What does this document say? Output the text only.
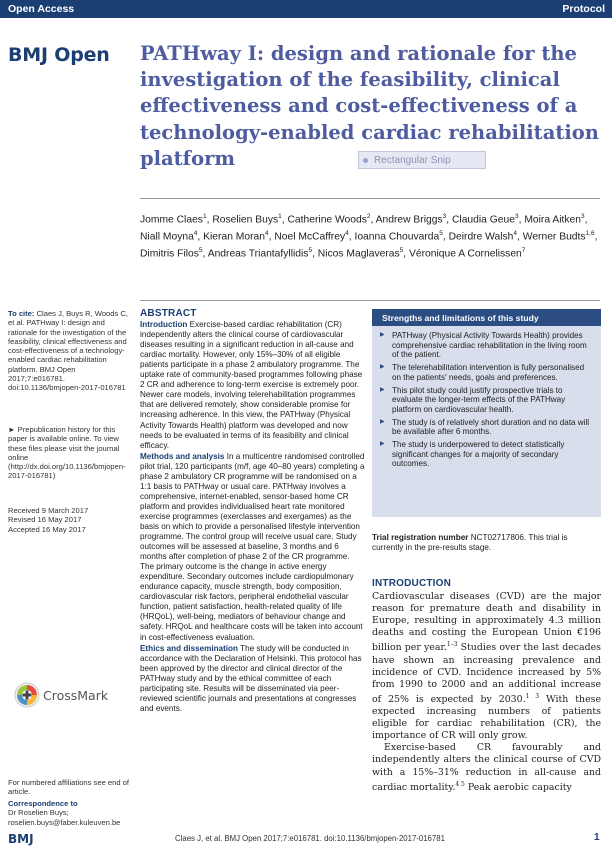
Open Access	Protocol
BMJ Open PATHway I: design and rationale for the investigation of the feasibility, clinical effectiveness and cost-effectiveness of a technology-enabled cardiac rehabilitation platform	Rectangular Snip
Jomme Claes$^1$, Roselien Buys$^1$, Catherine Woods$^2$, Andrew Briggs$^3$, Claudia Geue$^3$, Moira Aitken$^3$, Niall Moyna$^4$, Kieran Moran$^4$, Noel McCaffrey$^4$, Ioanna Chouvarda$^5$, Deirdre Walsh$^4$, Werner Budts$^{1,6}$, Dimitris Filos$^5$, Andreas Triantafyllidis$^5$, Nicos Maglaveras$^5$, Véronique A Cornelissen$^7$
To cite: Claes J, Buys R, Woods C, et al. PATHway I: design and rationale for the investigation of the feasibility, clinical effectiveness and cost-effectiveness of a technology-enabled cardiac rehabilitation platform. BMJ Open 2017;7:e016781. doi:10.1136/bmjopen-2017-016781
► Prepublication history for this paper is available online. To view these files please visit the journal online (http://dx.doi.org/10.1136/bmjopen-2017-016781)
Received 9 March 2017
Revised 16 May 2017
Accepted 16 May 2017
CrossMark
For numbered affiliations see end of article.
Correspondence to
Dr Roselien Buys; roselien.buys@faber.kuleuven.be
ABSTRACT

Introduction Exercise-based cardiac rehabilitation (CR) independently alters the clinical course of cardiovascular diseases resulting in a significant reduction in all-cause and cardiac mortality. However, only 15%–30% of all eligible patients participate in a phase 2 ambulatory programme. The uptake rate of community-based programmes following phase 2 CR and adherence to long-term exercise is extremely poor. Newer care models, involving telerehabilitation programmes that are delivered remotely, show considerable promise for increasing adherence. In this view, the PATHway (Physical Activity Towards Health) platform was developed and now needs to be evaluated in terms of its feasibility and clinical efficacy.

Methods and analysis In a multicentre randomised controlled pilot trial, 120 participants (m/f, age 40–80 years) completing a phase 2 ambulatory CR programme will be randomised on a 1:1 basis to PATHway or usual care. PATHway involves a comprehensive, internet-enabled, sensor-based home CR platform and provides individualised heart rate monitored exercise programmes (exerclasses and exergames) as the basis on which to provide a personalised lifestyle intervention programme. The control group will receive usual care. Study outcomes will be assessed at baseline, 3 months and 6 months after completion of phase 2 of the CR programme. The primary outcome is the change in active energy expenditure. Secondary outcomes include cardiopulmonary endurance capacity, muscle strength, body composition, cardiovascular risk factors, peripheral endothelial vascular function, patient satisfaction, health-related quality of life (HRQoL), well-being, mediators of behaviour change and safety. HRQoL and healthcare costs will be taken into account in cost-effectiveness evaluation.

Ethics and dissemination The study will be conducted in accordance with the Declaration of Helsinki. This protocol has been approved by the director and clinical director of the PATHway study and by the ethical committee of each participating site. Results will be disseminated via peer-reviewed scientific journals and presentations at congresses and events.

Strengths and limitations of this study
▶ PATHway (Physical Activity Towards Health) provides comprehensive cardiac rehabilitation in the living room of the patient.
▶ The telerehabilitation intervention is fully personalised on the patients' needs, goals and preferences.
▶ This pilot study could justify prospective trials to evaluate the longer-term effects of the PATHway platform on cardiovascular health.
▶ The study is of relatively short duration and no data will be available after 6 months.
▶ The study is underpowered to detect statistically significant changes for a majority of secondary outcomes.
Trial registration number NCT02717806. This trial is currently in the pre-results stage.
INTRODUCTION

Cardiovascular diseases (CVD) are the major reason for premature death and disability in Europe, resulting in approximately 4.3 million deaths and costing the European Union €196 billion per year.$^{1-3}$ Studies over the last decades have shown an increasing prevalence and incidence of CVD. Incidence increased by 5% from 1990 to 2000 and an additional increase of 25% is expected by 2030.$^{1 3}$ With these expected increasing numbers of patients eligible for cardiac rehabilitation (CR), the importance of CR will only grow.

Exercise-based CR favourably and independently alters the clinical course of CVD with a 15%–31% reduction in all-cause and cardiac mortality.$^{4 5}$ Peak aerobic capacity

BMJ	Claes J, et al. BMJ Open 2017;7:e016781. doi:10.1136/bmjopen-2017-016781	1
